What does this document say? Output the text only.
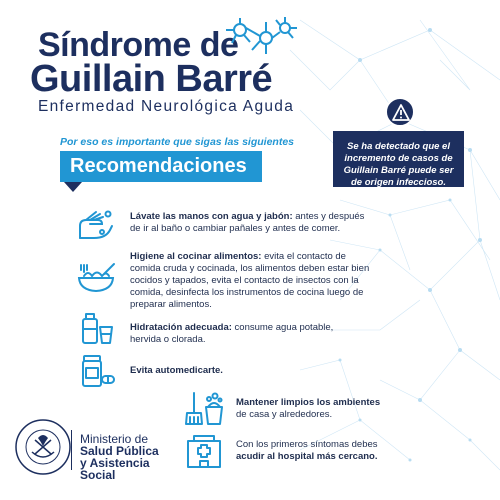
Síndrome de
Guillain Barré
Enfermedad Neurológica Aguda
Por eso es importante que sigas las siguientes
Recomendaciones
Se ha detectado que el incremento de casos de Guillain Barré puede ser de origen infeccioso.
Lávate las manos con agua y jabón: antes y después de ir al baño o cambiar pañales y antes de comer.
Higiene al cocinar alimentos: evita el contacto de comida cruda y cocinada, los alimentos deben estar bien cocidos y tapados, evita el contacto de insectos con la comida, desinfecta los instrumentos de cocina luego de preparar alimentos.
Hidratación adecuada: consume agua potable, hervida o clorada.
Evita automedicarte.
Mantener limpios los ambientes de casa y alrededores.
Con los primeros síntomas debes acudir al hospital más cercano.
Ministerio de
Salud Pública
y Asistencia
Social
